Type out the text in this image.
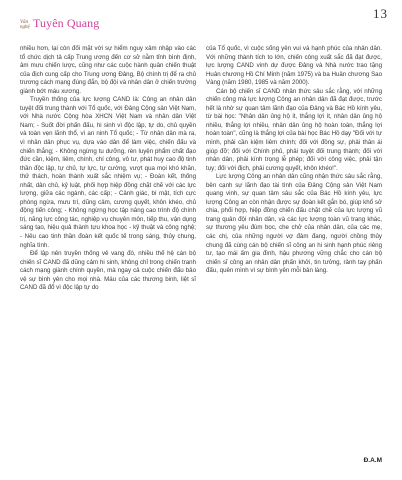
Văn nghệ Tuyên Quang
13

nhiều hơn, lại còn đối mặt với sự hiểm nguy xâm nhập vào các tổ chức dịch tả cấp Trung ương đến cơ sở nằm tỉnh bình định, âm mưu chiến lược, cũng như các cuộc hành quân chiến thuật của địch cung cấp cho Trung ương Đảng, Bộ chính trị để ra chủ trương cách mạng đúng đắn, bộ đội và nhân dân ở chiến trường giành bớt máu xương.

Truyền thống của lực lượng CAND là: Công an nhân dân tuyệt đối trung thành với Tổ quốc, với Đảng Cộng sản Việt Nam, với Nhà nước Cộng hòa XHCN Việt Nam và nhân dân Việt Nam; - Suốt đời phấn đấu, hi sinh vì độc lập, tự do, chủ quyền và toàn vẹn lãnh thổ, vì an ninh Tổ quốc; - Từ nhân dân mà ra, vì nhân dân phục vụ, dựa vào dân để làm việc, chiến đấu và chiến thắng; - Không ngừng tu dưỡng, rèn luyện phẩm chất đạo đức cần, kiệm, liêm, chính, chí công, vô tư, phát huy cao độ tinh thần độc lập, tự chủ, tự lực, tự cường, vượt qua mọi khó khăn, thử thách, hoàn thành xuất sắc nhiệm vụ; - Đoàn kết, thống nhất, dân chủ, kỷ luật, phối hợp hiệp đồng chặt chẽ với các lực lượng, giữa các ngành, các cấp; - Cảnh giác, bí mật, tích cực phòng ngừa, mưu trí, dũng cảm, cương quyết, khôn khéo, chủ động tiến công; - Không ngừng học tập nâng cao trình độ chính trị, năng lực công tác, nghiệp vụ chuyên môn, tiếp thu, vận dụng sáng tạo, hiệu quả thành tựu khoa học - kỹ thuật và công nghệ; - Nêu cao tinh thần đoàn kết quốc tế trong sáng, thủy chung, nghĩa tình.

Để lập nên truyền thống vẻ vang đó, nhiều thế hệ cán bộ chiến sĩ CAND đã dũng cảm hi sinh, không chỉ trong chiến tranh cách mạng giành chính quyền, mà ngay cả cuộc chiến đấu bảo vệ sự bình yên cho mọi nhà. Máu của các thương binh, liệt sĩ CAND đã đổ vì độc lập tự do

của Tổ quốc, vì cuộc sống yên vui và hạnh phúc của nhân dân. Với những thành tích to lớn, chiến công xuất sắc đã đạt được, lực lượng CAND vinh dự được Đảng và Nhà nước trao tặng Huân chương Hồ Chí Minh (năm 1975) và ba Huân chương Sao Vàng (năm 1980, 1985 và năm 2000).

Cán bộ chiến sĩ CAND nhân thức sâu sắc rằng, với những chiến công mà lực lượng Công an nhân dân đã đạt được, trước hết là nhờ sự quan tâm lãnh đạo của Đảng và Bác Hồ kính yêu, từ bài học: "Nhân dân ủng hộ ít, thắng lợi ít, nhân dân ủng hộ nhiều, thắng lợi nhiều, nhân dân ủng hộ hoàn toàn, thắng lợi hoàn toàn", cũng là thắng lợi của bài học Bác Hồ dạy "Đối với tự mình, phải cần kiệm liêm chính; đối với đồng sự, phải thân ái giúp đỡ; đối với Chính phủ, phải tuyệt đối trung thành; đối với nhân dân, phải kính trọng lễ phép; đối với công việc, phải tận tụy; đối với địch, phải cương quyết, khôn khéo!".

Lực lượng Công an nhân dân cũng nhận thức sâu sắc rằng, bên cạnh sự lãnh đạo tài tình của Đảng Cộng sản Việt Nam quang vinh, sự quan tâm sâu sắc của Bác Hồ kính yêu, lực lượng Công an còn nhận được sự đoàn kết gắn bó, giúp khổ sở chia, phối hợp, hiệp đồng chiến đấu chặt chẽ của lực lượng vũ trang quân đội nhân dân, và các lực lượng toàn vũ trang khác, sự thương yêu đùm bọc, che chở của nhân dân, của các mẹ, các chị, của những người vợ đảm đang, người chồng thủy chung đã cùng cán bộ chiến sĩ công an hi sinh hạnh phúc riêng tư, tạo mái ấm gia đình, hậu phương vững chắc cho cán bộ chiến sĩ công an nhân dân phấn khởi, tin tưởng, rảnh tay phấn đấu, quên mình vì sự bình yên mỗi bản làng.

Đ.A.M
